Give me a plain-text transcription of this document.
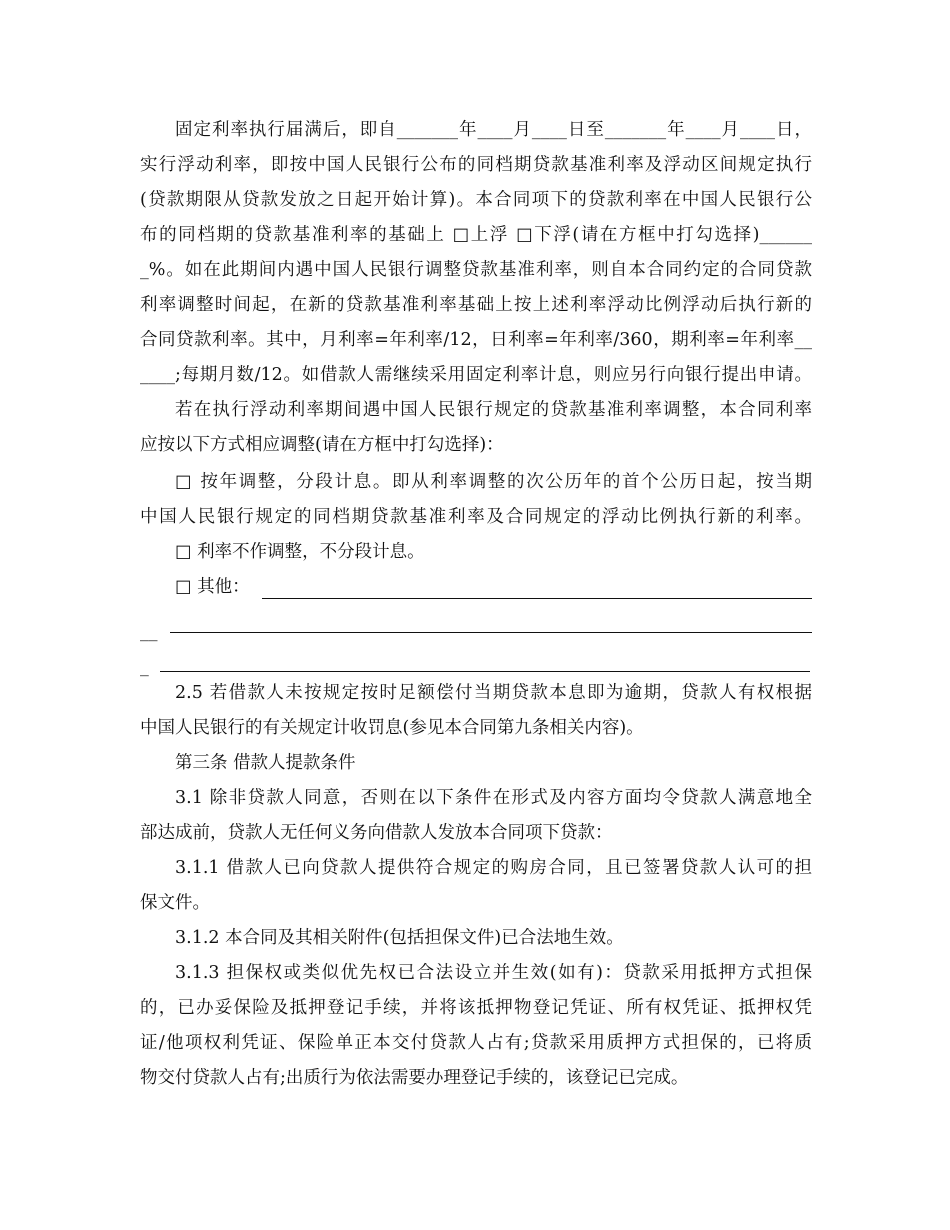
固定利率执行届满后，即自_______年____月____日至_______年____月____日，
实行浮动利率，即按中国人民银行公布的同档期贷款基准利率及浮动区间规定执行
(贷款期限从贷款发放之日起开始计算)。本合同项下的贷款利率在中国人民银行公
布的同档期的贷款基准利率的基础上 □上浮 □下浮(请在方框中打勾选择)______
_%。如在此期间内遇中国人民银行调整贷款基准利率，则自本合同约定的合同贷款
利率调整时间起，在新的贷款基准利率基础上按上述利率浮动比例浮动后执行新的
合同贷款利率。其中，月利率=年利率/12，日利率=年利率/360，期利率=年利率__
____;每期月数/12。如借款人需继续采用固定利率计息，则应另行向银行提出申请。
若在执行浮动利率期间遇中国人民银行规定的贷款基准利率调整，本合同利率
应按以下方式相应调整(请在方框中打勾选择)：
□ 按年调整，分段计息。即从利率调整的次公历年的首个公历日起，按当期
中国人民银行规定的同档期贷款基准利率及合同规定的浮动比例执行新的利率。
□ 利率不作调整，不分段计息。
□ 其他：
__
_
2.5 若借款人未按规定按时足额偿付当期贷款本息即为逾期，贷款人有权根据
中国人民银行的有关规定计收罚息(参见本合同第九条相关内容)。
第三条 借款人提款条件
3.1 除非贷款人同意，否则在以下条件在形式及内容方面均令贷款人满意地全
部达成前，贷款人无任何义务向借款人发放本合同项下贷款：
3.1.1 借款人已向贷款人提供符合规定的购房合同，且已签署贷款人认可的担
保文件。
3.1.2 本合同及其相关附件(包括担保文件)已合法地生效。
3.1.3 担保权或类似优先权已合法设立并生效(如有)：贷款采用抵押方式担保
的，已办妥保险及抵押登记手续，并将该抵押物登记凭证、所有权凭证、抵押权凭
证/他项权利凭证、保险单正本交付贷款人占有;贷款采用质押方式担保的，已将质
物交付贷款人占有;出质行为依法需要办理登记手续的，该登记已完成。
